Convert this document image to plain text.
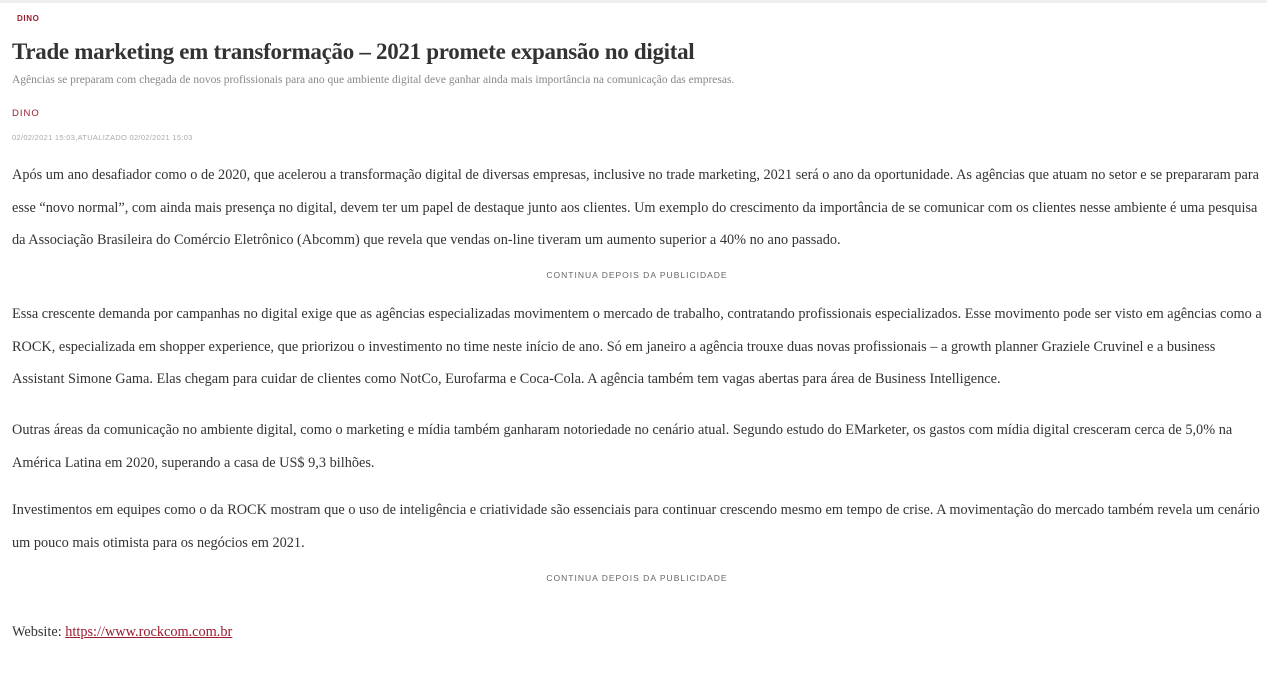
DINO
Trade marketing em transformação – 2021 promete expansão no digital
Agências se preparam com chegada de novos profissionais para ano que ambiente digital deve ganhar ainda mais importância na comunicação das empresas.
DINO
02/02/2021 15:03,ATUALIZADO 02/02/2021 15:03

Após um ano desafiador como o de 2020, que acelerou a transformação digital de diversas empresas, inclusive no trade marketing, 2021 será o ano da oportunidade. As agências que atuam no setor e se prepararam para esse “novo normal”, com ainda mais presença no digital, devem ter um papel de destaque junto aos clientes. Um exemplo do crescimento da importância de se comunicar com os clientes nesse ambiente é uma pesquisa da Associação Brasileira do Comércio Eletrônico (Abcomm) que revela que vendas on-line tiveram um aumento superior a 40% no ano passado.

CONTINUA DEPOIS DA PUBLICIDADE

Essa crescente demanda por campanhas no digital exige que as agências especializadas movimentem o mercado de trabalho, contratando profissionais especializados. Esse movimento pode ser visto em agências como a ROCK, especializada em shopper experience, que priorizou o investimento no time neste início de ano. Só em janeiro a agência trouxe duas novas profissionais – a growth planner Graziele Cruvinel e a business Assistant Simone Gama. Elas chegam para cuidar de clientes como NotCo, Eurofarma e Coca-Cola. A agência também tem vagas abertas para área de Business Intelligence.

Outras áreas da comunicação no ambiente digital, como o marketing e mídia também ganharam notoriedade no cenário atual. Segundo estudo do EMarketer, os gastos com mídia digital cresceram cerca de 5,0% na América Latina em 2020, superando a casa de US$ 9,3 bilhões.

Investimentos em equipes como o da ROCK mostram que o uso de inteligência e criatividade são essenciais para continuar crescendo mesmo em tempo de crise. A movimentação do mercado também revela um cenário um pouco mais otimista para os negócios em 2021.

CONTINUA DEPOIS DA PUBLICIDADE
Website: https://www.rockcom.com.br
